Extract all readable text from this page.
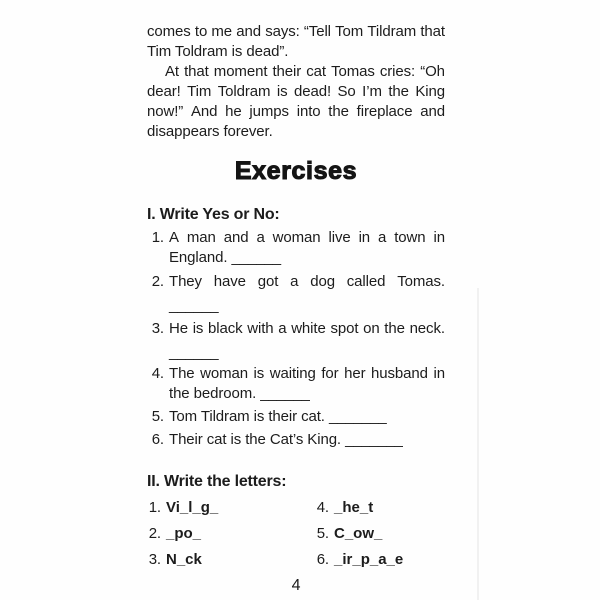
comes to me and says: “Tell Tom Tildram that
Tim Toldram is dead”.
At that moment their cat Tomas cries: “Oh
dear! Tim Toldram is dead! So I’m the King
now!” And he jumps into the fireplace and
disappears forever.
Exercises
I. Write Yes or No:
1. A man and a woman live in a town in
England. ______
2. They have got a dog called Tomas.
______
3. He is black with a white spot on the neck.
______
4. The woman is waiting for her husband in
the bedroom. ______
5. Tom Tildram is their cat. _______
6. Their cat is the Cat’s King. _______
II. Write the letters:
1. Vi_l_g_	4. _he_t
2. _po_	5. C_ow_
3. N_ck	6. _ir_p_a_e
4
